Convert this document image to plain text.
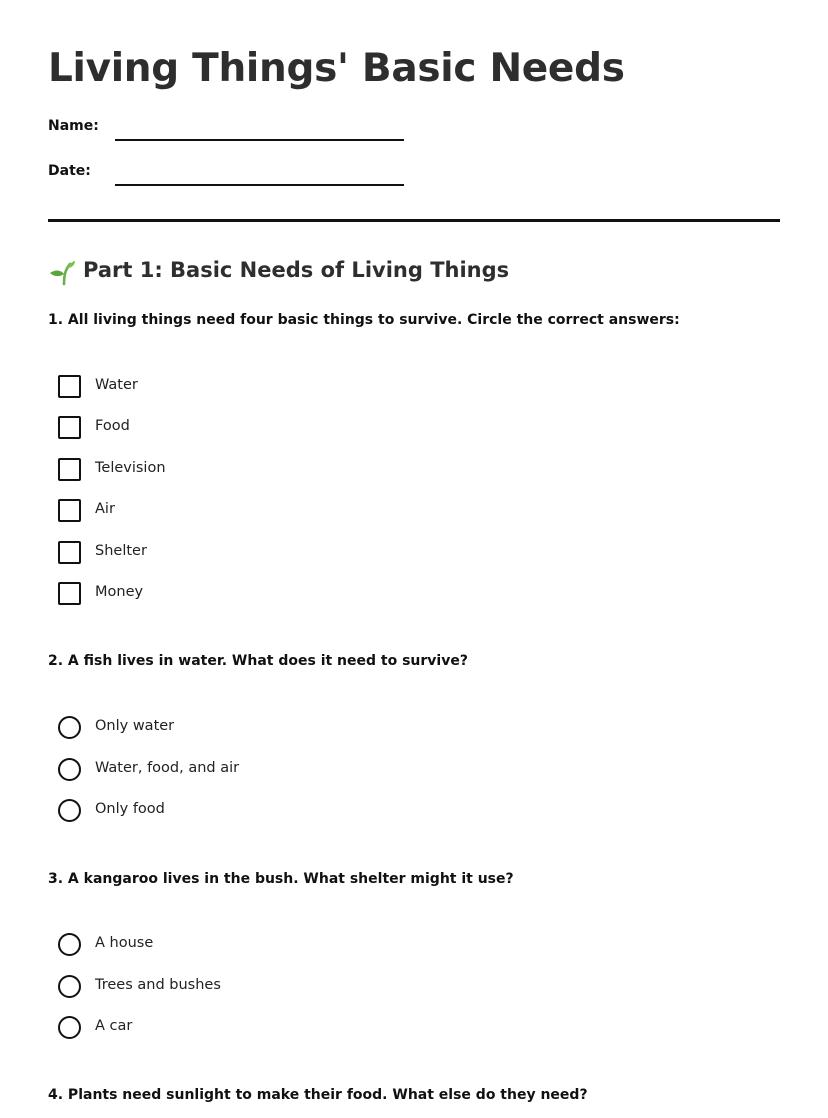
Living Things' Basic Needs
Name:
Date:
Part 1: Basic Needs of Living Things
1. All living things need four basic things to survive. Circle the correct answers:
Water
Food
Television
Air
Shelter
Money
2. A fish lives in water. What does it need to survive?
Only water
Water, food, and air
Only food
3. A kangaroo lives in the bush. What shelter might it use?
A house
Trees and bushes
A car
4. Plants need sunlight to make their food. What else do they need?
